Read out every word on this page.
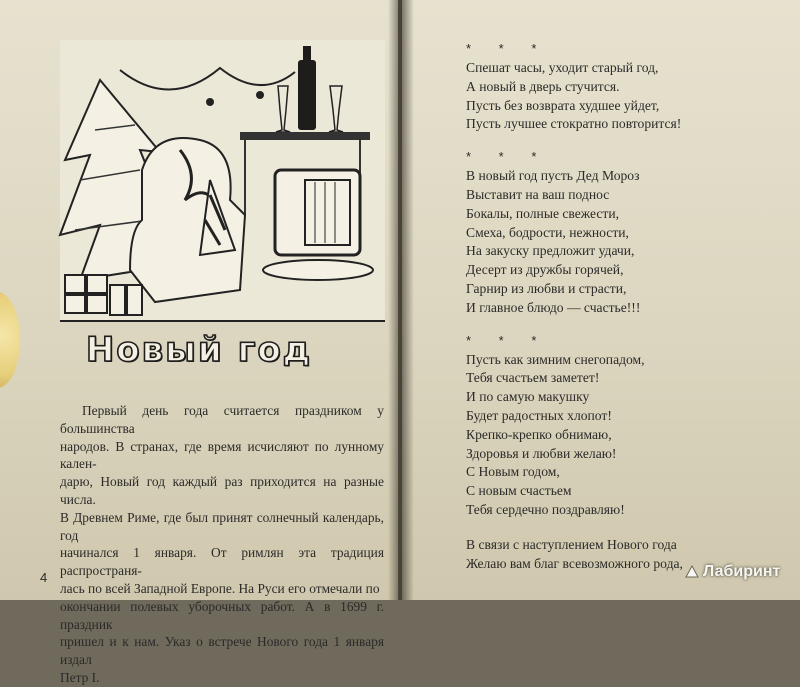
Новый год
Первый день года считается праздником у большинства
народов. В странах, где время исчисляют по лунному кален-
дарю, Новый год каждый раз приходится на разные числа.
В Древнем Риме, где был принят солнечный календарь, год
начинался 1 января. От римлян эта традиция распространя-
лась по всей Западной Европе. На Руси его отмечали по
окончании полевых уборочных работ. А в 1699 г. праздник
пришел и к нам. Указ о встрече Нового года 1 января издал
Петр I.
4
* * *
Спешат часы, уходит старый год,
А новый в дверь стучится.
Пусть без возврата худшее уйдет,
Пусть лучшее стократно повторится!
* * *
В новый год пусть Дед Мороз
Выставит на ваш поднос
Бокалы, полные свежести,
Смеха, бодрости, нежности,
На закуску предложит удачи,
Десерт из дружбы горячей,
Гарнир из любви и страсти,
И главное блюдо — счастье!!!
* * *
Пусть как зимним снегопадом,
Тебя счастьем заметет!
И по самую макушку
Будет радостных хлопот!
Крепко-крепко обнимаю,
Здоровья и любви желаю!
С Новым годом,
С новым счастьем
Тебя сердечно поздравляю!
В связи с наступлением Нового года
Желаю вам благ всевозможного рода,	Лабиринт
